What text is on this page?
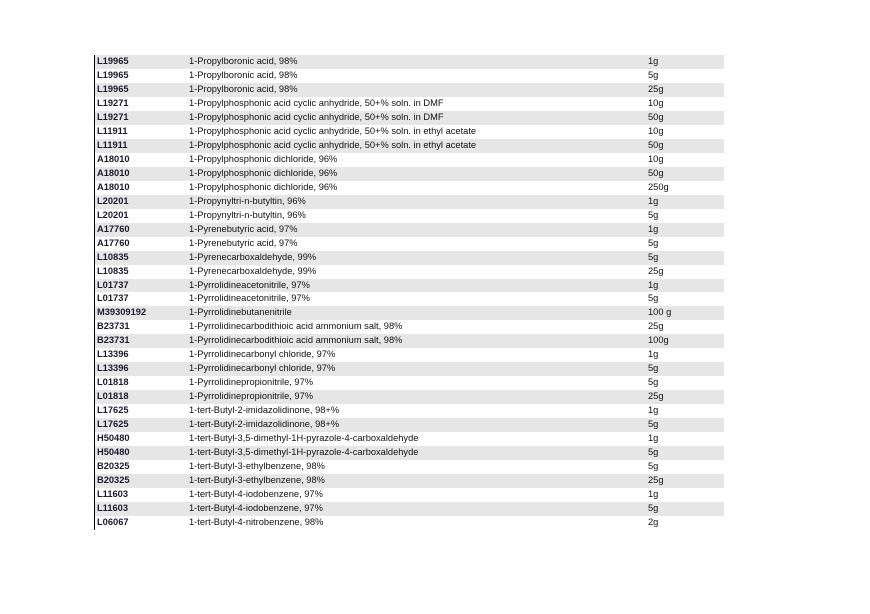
L19965	1-Propylboronic acid, 98%	1g
L19965	1-Propylboronic acid, 98%	5g
L19965	1-Propylboronic acid, 98%	25g
L19271	1-Propylphosphonic acid cyclic anhydride, 50+% soln. in DMF	10g
L19271	1-Propylphosphonic acid cyclic anhydride, 50+% soln. in DMF	50g
L11911	1-Propylphosphonic acid cyclic anhydride, 50+% soln. in ethyl acetate	10g
L11911	1-Propylphosphonic acid cyclic anhydride, 50+% soln. in ethyl acetate	50g
A18010	1-Propylphosphonic dichloride, 96%	10g
A18010	1-Propylphosphonic dichloride, 96%	50g
A18010	1-Propylphosphonic dichloride, 96%	250g
L20201	1-Propynyltri-n-butyltin, 96%	1g
L20201	1-Propynyltri-n-butyltin, 96%	5g
A17760	1-Pyrenebutyric acid, 97%	1g
A17760	1-Pyrenebutyric acid, 97%	5g
L10835	1-Pyrenecarboxaldehyde, 99%	5g
L10835	1-Pyrenecarboxaldehyde, 99%	25g
L01737	1-Pyrrolidineacetonitrile, 97%	1g
L01737	1-Pyrrolidineacetonitrile, 97%	5g
M39309192	1-Pyrrolidinebutanenitrile	100 g
B23731	1-Pyrrolidinecarbodithioic acid ammonium salt, 98%	25g
B23731	1-Pyrrolidinecarbodithioic acid ammonium salt, 98%	100g
L13396	1-Pyrrolidinecarbonyl chloride, 97%	1g
L13396	1-Pyrrolidinecarbonyl chloride, 97%	5g
L01818	1-Pyrrolidinepropionitrile, 97%	5g
L01818	1-Pyrrolidinepropionitrile, 97%	25g
L17625	1-tert-Butyl-2-imidazolidinone, 98+%	1g
L17625	1-tert-Butyl-2-imidazolidinone, 98+%	5g
H50480	1-tert-Butyl-3,5-dimethyl-1H-pyrazole-4-carboxaldehyde	1g
H50480	1-tert-Butyl-3,5-dimethyl-1H-pyrazole-4-carboxaldehyde	5g
B20325	1-tert-Butyl-3-ethylbenzene, 98%	5g
B20325	1-tert-Butyl-3-ethylbenzene, 98%	25g
L11603	1-tert-Butyl-4-iodobenzene, 97%	1g
L11603	1-tert-Butyl-4-iodobenzene, 97%	5g
L06067	1-tert-Butyl-4-nitrobenzene, 98%	2g
